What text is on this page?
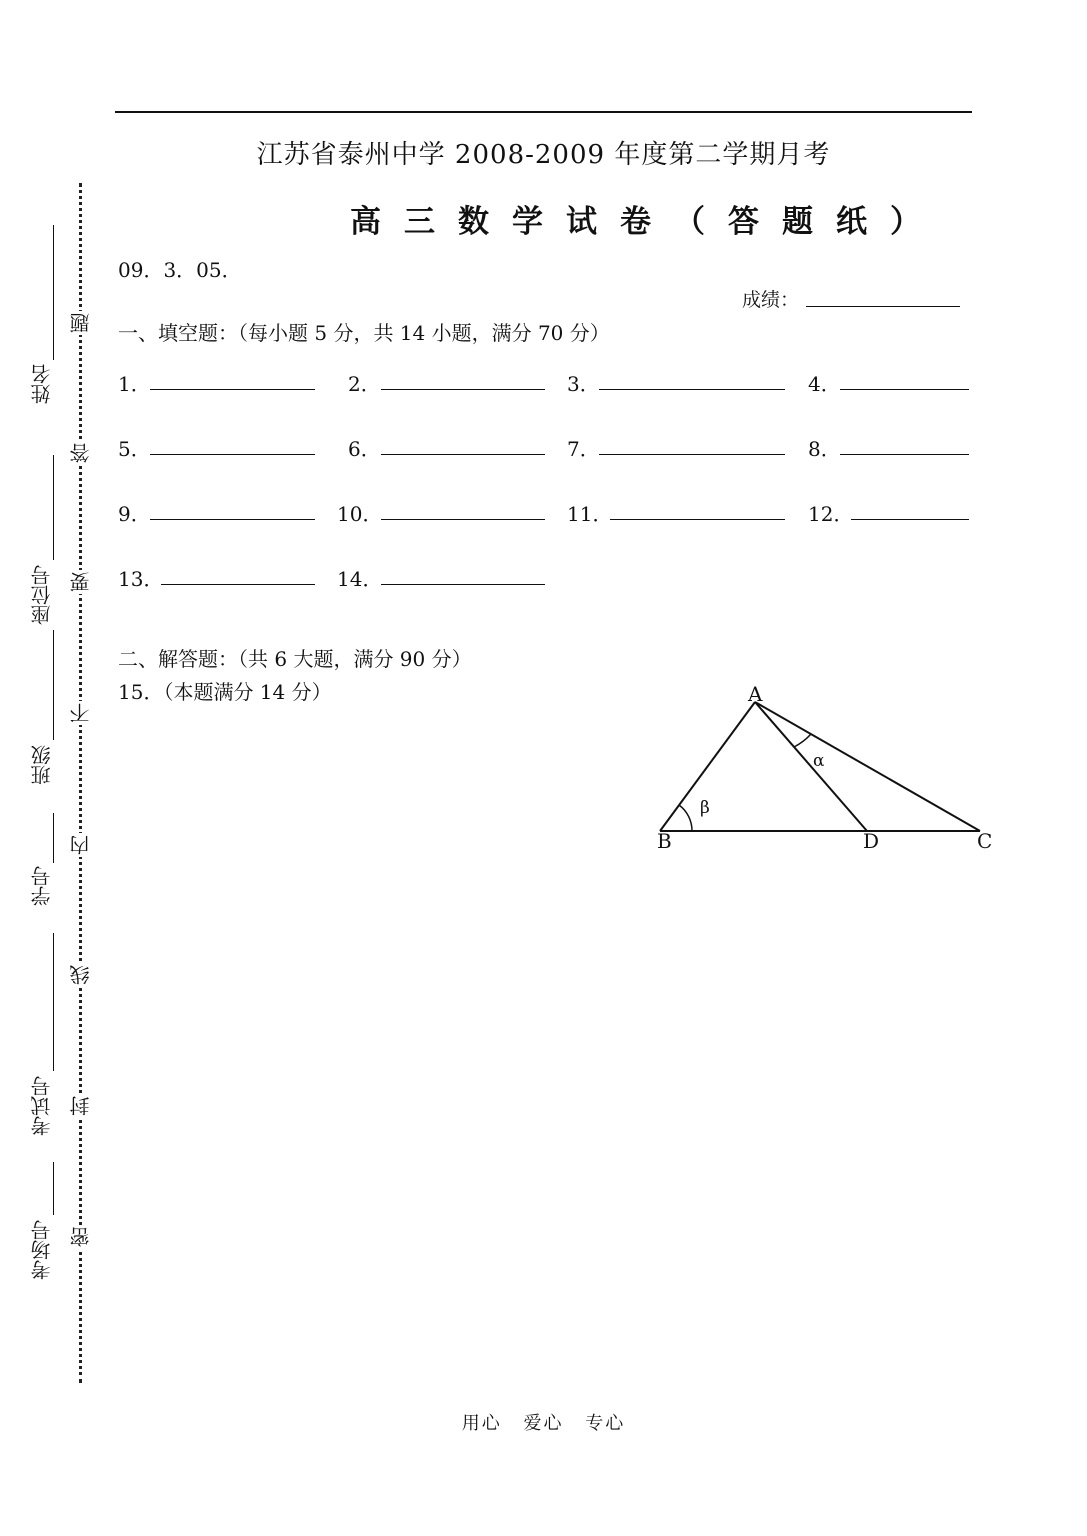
江苏省泰州中学 2008-2009 年度第二学期月考
高三数学试卷（答题纸）
09．3．05．
成绩：
一、填空题：（每小题 5 分，共 14 小题，满分 70 分）
1．	2．	3．	4．
5．	6．	7．	8．
9．	10．	11．	12．
13．	14．
二、解答题：（共 6 大题，满分 90 分）
15．（本题满分 14 分）	A
B	D	C
α
β
题
答
要
不
内
线
封
密
姓名
座位号
班级
学号
考试号
考场号
用心 爱心 专心
